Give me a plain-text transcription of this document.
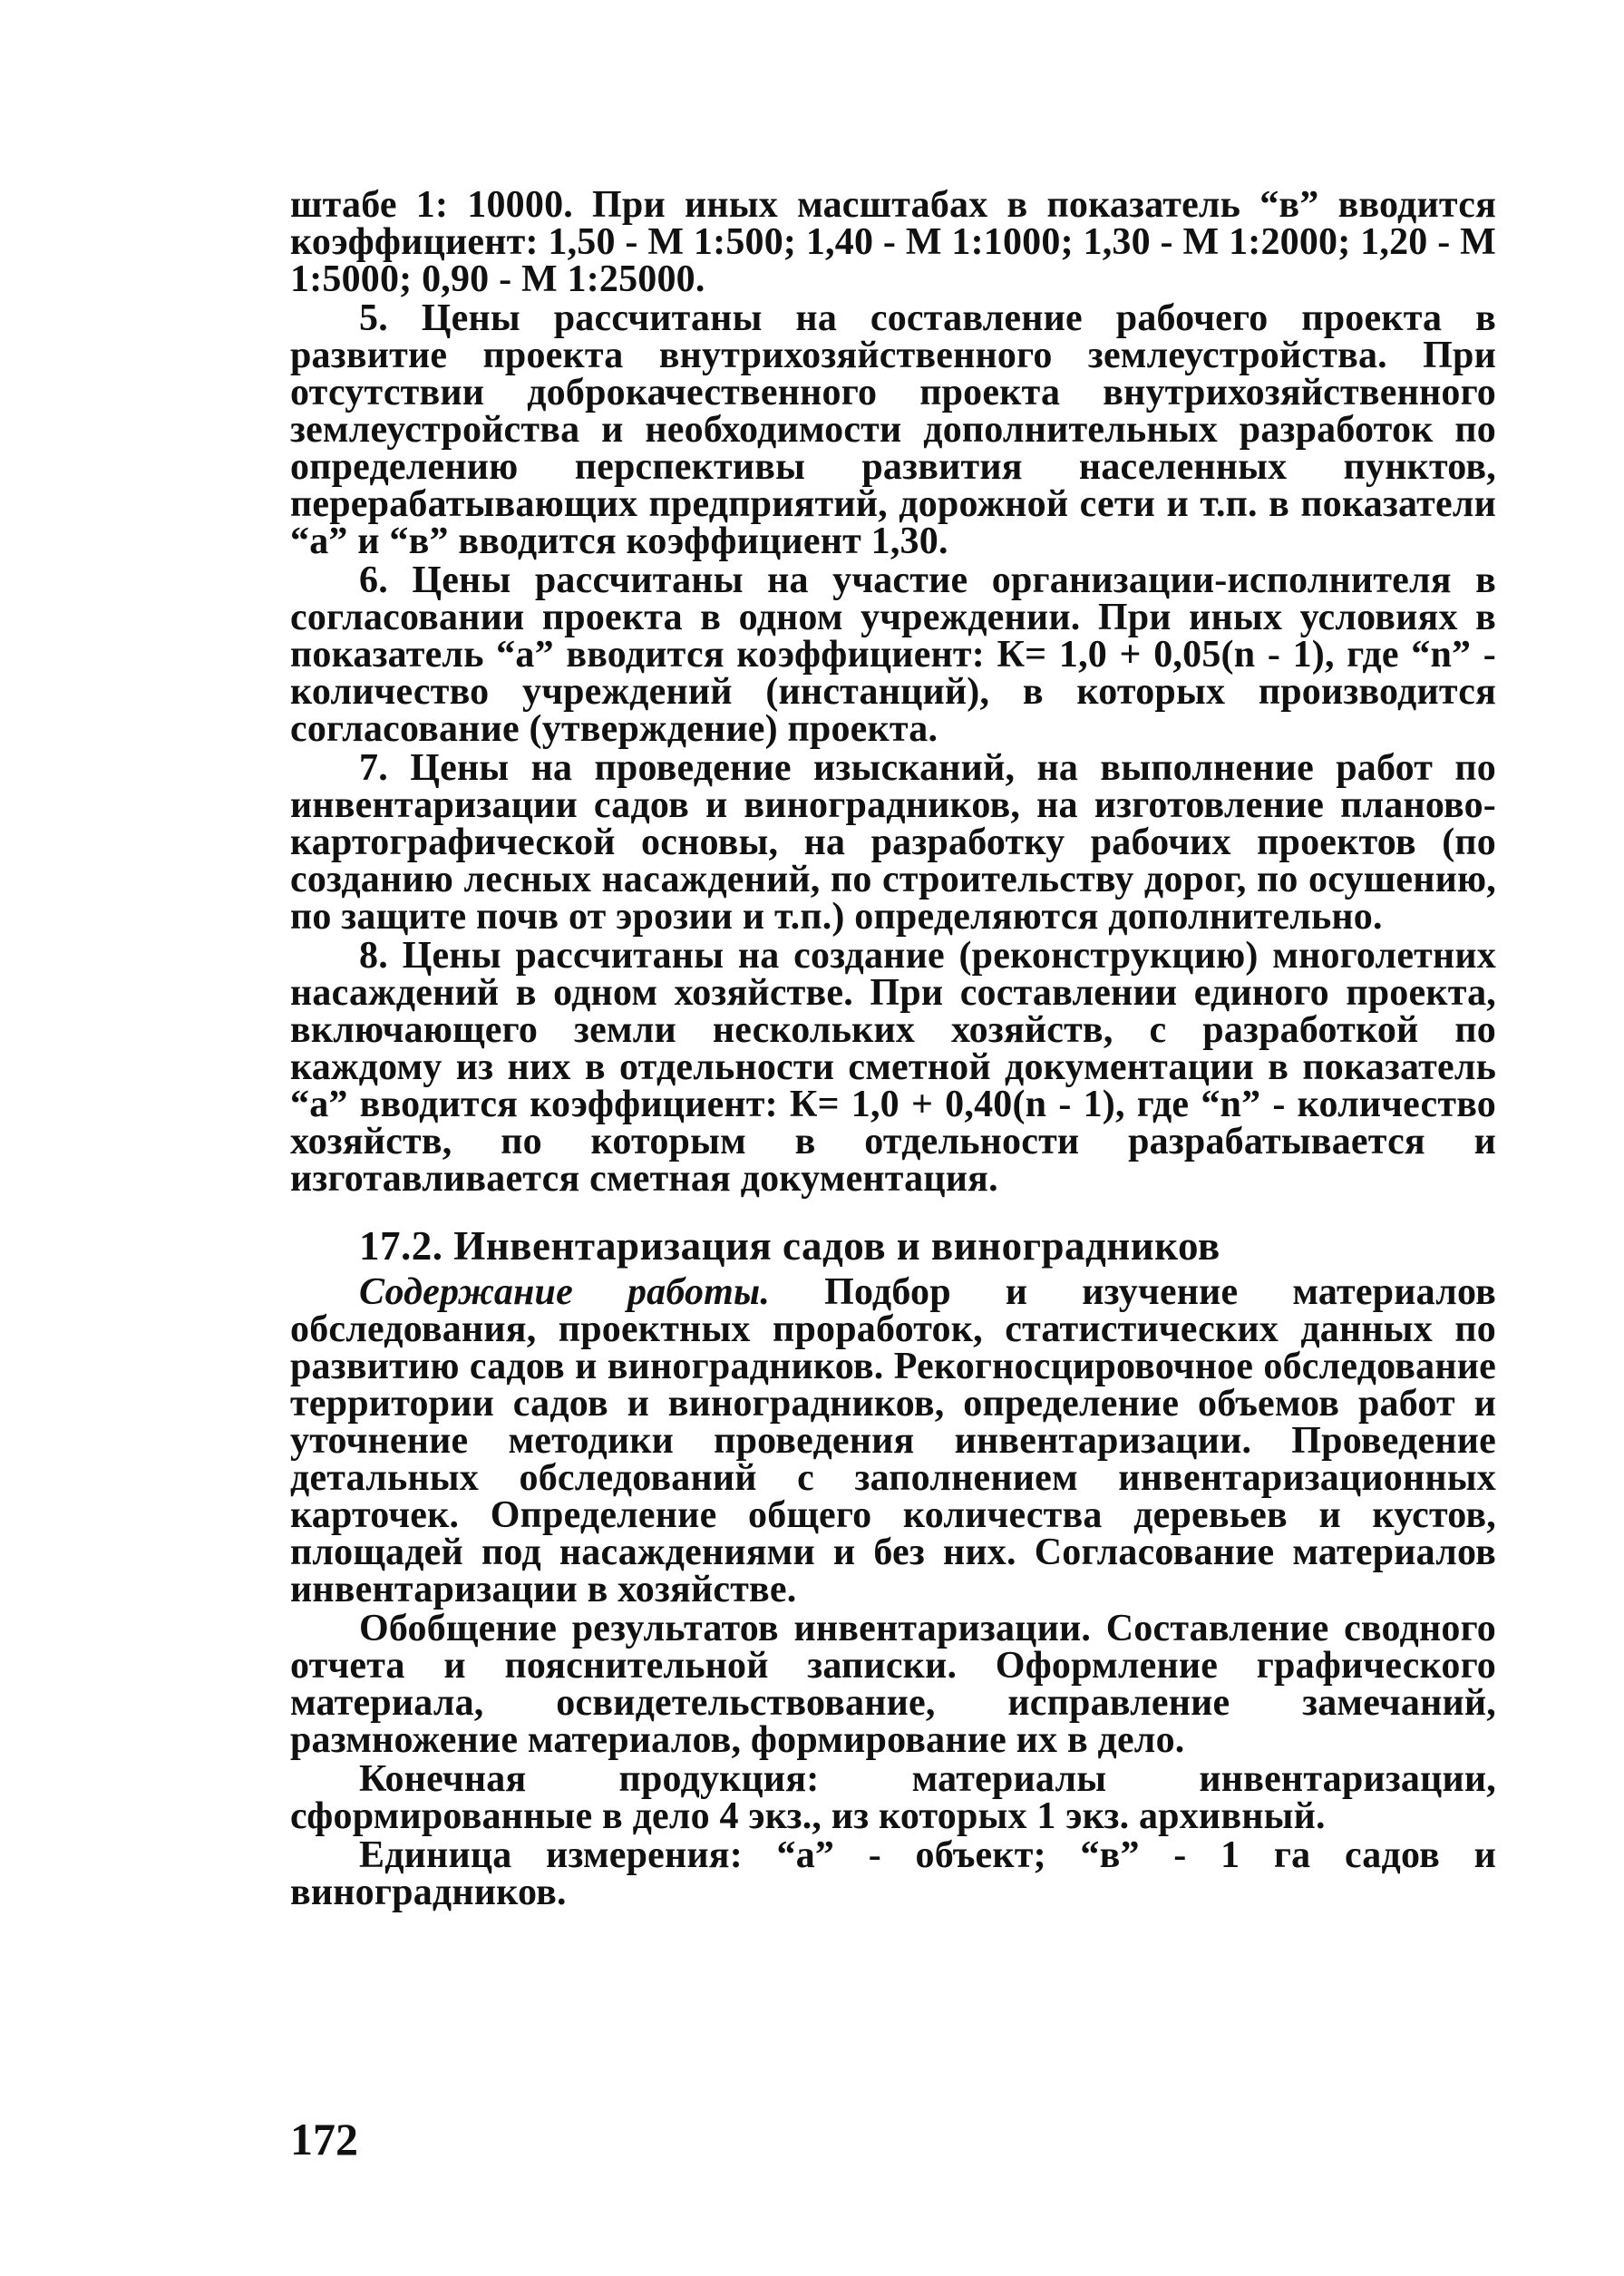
штабе 1: 10000. При иных масштабах в показатель “в” вводится коэффициент: 1,50 - М 1:500; 1,40 - М 1:1000; 1,30 - М 1:2000; 1,20 - М 1:5000; 0,90 - М 1:25000.

5. Цены рассчитаны на составление рабочего проекта в развитие проекта внутрихозяйственного землеустройства. При отсутствии доброкачественного проекта внутрихозяйственного землеустройства и необходимости дополнительных разработок по определению перспективы развития населенных пунктов, перерабатывающих предприятий, дорожной сети и т.п. в показатели “а” и “в” вводится коэффициент 1,30.

6. Цены рассчитаны на участие организации-исполнителя в согласовании проекта в одном учреждении. При иных условиях в показатель “а” вводится коэффициент: К= 1,0 + 0,05(n - 1), где “n” - количество учреждений (инстанций), в которых производится согласование (утверждение) проекта.

7. Цены на проведение изысканий, на выполнение работ по инвентаризации садов и виноградников, на изготовление планово-картографической основы, на разработку рабочих проектов (по созданию лесных насаждений, по строительству дорог, по осушению, по защите почв от эрозии и т.п.) определяются дополнительно.

8. Цены рассчитаны на создание (реконструкцию) многолетних насаждений в одном хозяйстве. При составлении единого проекта, включающего земли нескольких хозяйств, с разработкой по каждому из них в отдельности сметной документации в показатель “а” вводится коэффициент: К= 1,0 + 0,40(n - 1), где “n” - количество хозяйств, по которым в отдельности разрабатывается и изготавливается сметная документация.

17.2. Инвентаризация садов и виноградников

Содержание работы. Подбор и изучение материалов обследования, проектных проработок, статистических данных по развитию садов и виноградников. Рекогносцировочное обследование территории садов и виноградников, определение объемов работ и уточнение методики проведения инвентаризации. Проведение детальных обследований с заполнением инвентаризационных карточек. Определение общего количества деревьев и кустов, площадей под насаждениями и без них. Согласование материалов инвентаризации в хозяйстве.

Обобщение результатов инвентаризации. Составление сводного отчета и пояснительной записки. Оформление графического материала, освидетельствование, исправление замечаний, размножение материалов, формирование их в дело.

Конечная продукция: материалы инвентаризации, сформированные в дело 4 экз., из которых 1 экз. архивный.

Единица измерения: “а” - объект; “в” - 1 га садов и виноградников.

172
